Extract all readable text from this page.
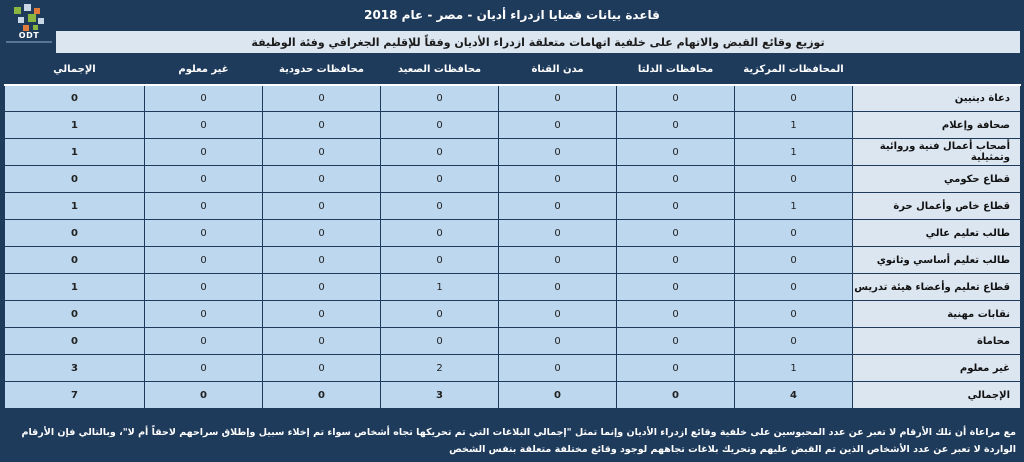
قاعدة بيانات قضايا ازدراء أديان - مصر - عام 2018
ODT	توزيع وقائع القبض والاتهام على خلفية اتهامات متعلقة ازدراء الأديان وفقاً للإقليم الجغرافي وفئة الوظيفة
	المحافظات المركزية	محافظات الدلتا	مدن القناة	محافظات الصعيد	محافظات حدودية	غير معلوم	الإجمالي
دعاة دينيين	0	0	0	0	0	0	0
صحافة وإعلام	1	0	0	0	0	0	1
أصحاب أعمال فنية وروائية وتمثيلية	1	0	0	0	0	0	1
قطاع حكومي	0	0	0	0	0	0	0
قطاع خاص وأعمال حرة	1	0	0	0	0	0	1
طالب تعليم عالي	0	0	0	0	0	0	0
طالب تعليم أساسي وثانوي	0	0	0	0	0	0	0
قطاع تعليم وأعضاء هيئة تدريس	0	0	0	1	0	0	1
نقابات مهنية	0	0	0	0	0	0	0
محاماة	0	0	0	0	0	0	0
غير معلوم	1	0	0	2	0	0	3
الإجمالي	4	0	0	3	0	0	7
مع مراعاة أن تلك الأرقام لا تعبر عن عدد المحبوسين على خلفية وقائع ازدراء الأديان وإنما تمثل "إجمالي البلاغات التي تم تحريكها تجاه أشخاص سواء تم إخلاء سبيل وإطلاق سراحهم لاحقاً أم لا"، وبالتالي فإن الأرقام الواردة لا تعبر عن عدد الأشخاص الذين تم القبض عليهم وتحريك بلاغات تجاههم لوجود وقائع مختلفة متعلقة بنفس الشخص
